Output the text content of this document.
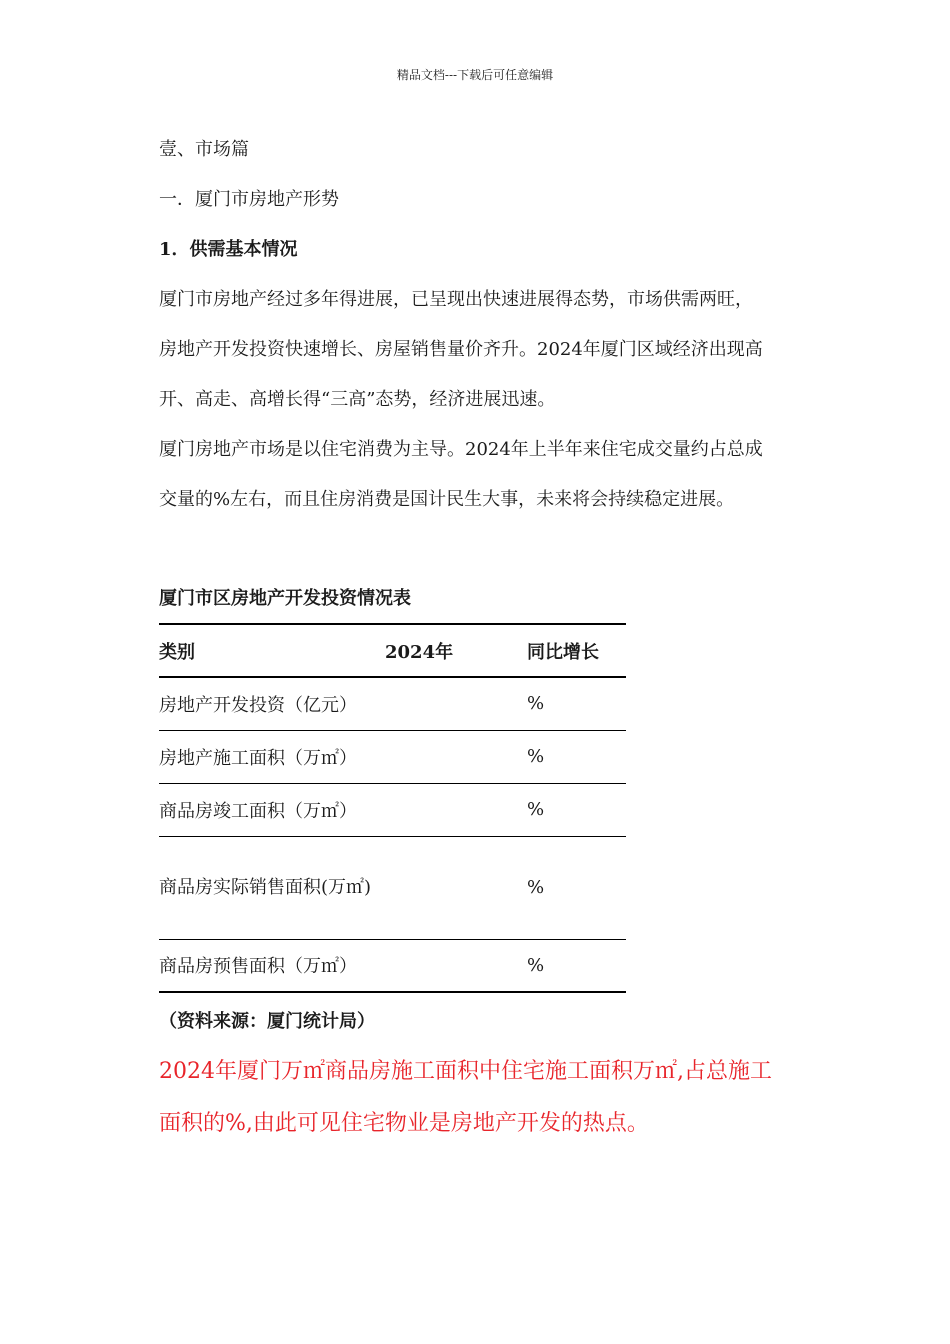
精品文档---下载后可任意编辑
壹、市场篇
一．厦门市房地产形势
1．供需基本情况
厦门市房地产经过多年得进展，已呈现出快速进展得态势，市场供需两旺，房地产开发投资快速增长、房屋销售量价齐升。2024年厦门区域经济出现高开、高走、高增长得“三高”态势，经济进展迅速。
厦门房地产市场是以住宅消费为主导。2024年上半年来住宅成交量约占总成交量的%左右，而且住房消费是国计民生大事，未来将会持续稳定进展。
厦门市区房地产开发投资情况表
类别	2024年	同比增长
房地产开发投资（亿元）		%
房地产施工面积（万㎡）		%
商品房竣工面积（万㎡）		%
商品房实际销售面积(万㎡)		%
商品房预售面积（万㎡）		%
（资料来源：厦门统计局）
2024年厦门万㎡商品房施工面积中住宅施工面积万㎡,占总施工面积的%,由此可见住宅物业是房地产开发的热点。
